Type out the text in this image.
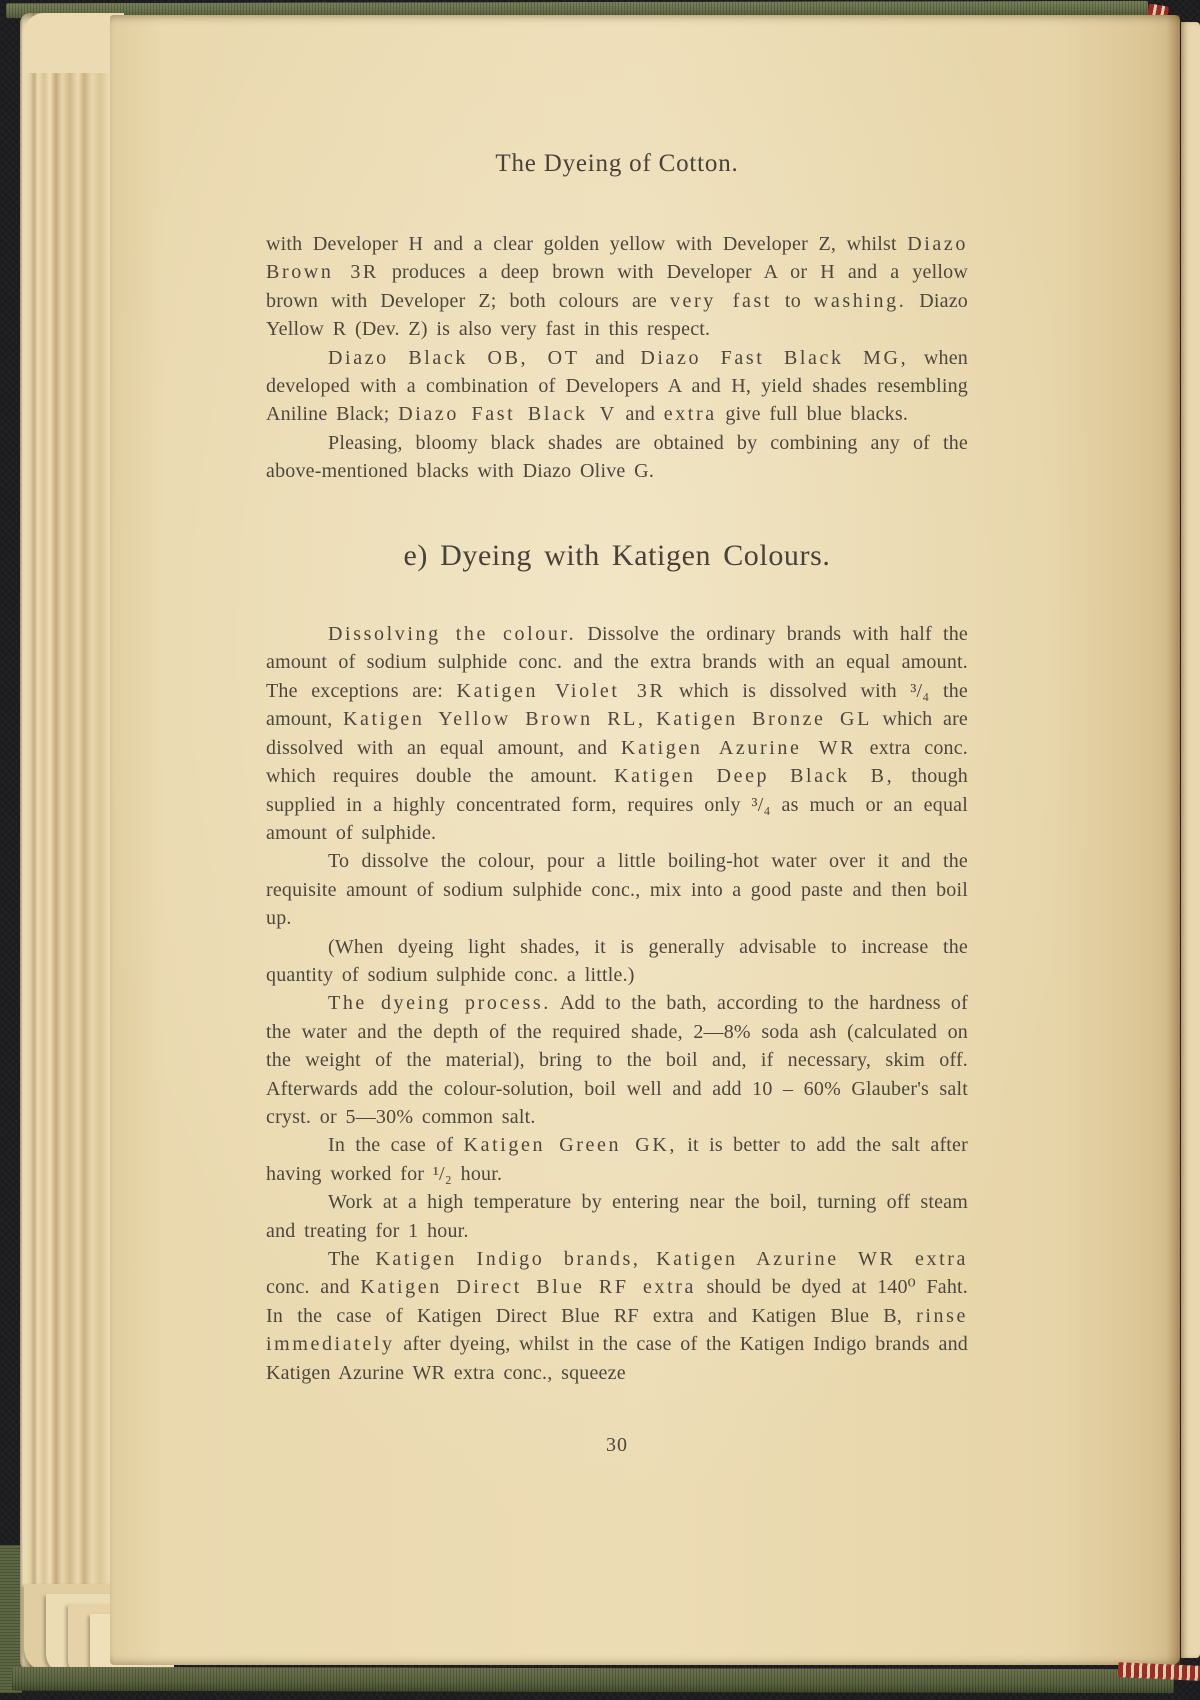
The Dyeing of Cotton.

with Developer H and a clear golden yellow with Developer Z, whilst Diazo Brown 3R produces a deep brown with Developer A or H and a yellow brown with Developer Z; both colours are very fast to washing. Diazo Yellow R (Dev. Z) is also very fast in this respect.

Diazo Black OB, OT and Diazo Fast Black MG, when developed with a combination of Developers A and H, yield shades resembling Aniline Black; Diazo Fast Black V and extra give full blue blacks.

Pleasing, bloomy black shades are obtained by combining any of the above-mentioned blacks with Diazo Olive G.

e) Dyeing with Katigen Colours.

Dissolving the colour. Dissolve the ordinary brands with half the amount of sodium sulphide conc. and the extra brands with an equal amount. The exceptions are: Katigen Violet 3R which is dissolved with ³/₄ the amount, Katigen Yellow Brown RL, Katigen Bronze GL which are dissolved with an equal amount, and Katigen Azurine WR extra conc. which requires double the amount. Katigen Deep Black B, though supplied in a highly concentrated form, requires only ³/₄ as much or an equal amount of sulphide.

To dissolve the colour, pour a little boiling-hot water over it and the requisite amount of sodium sulphide conc., mix into a good paste and then boil up.

(When dyeing light shades, it is generally advisable to increase the quantity of sodium sulphide conc. a little.)

The dyeing process. Add to the bath, according to the hardness of the water and the depth of the required shade, 2—8% soda ash (calculated on the weight of the material), bring to the boil and, if necessary, skim off. Afterwards add the colour-solution, boil well and add 10 – 60% Glauber's salt cryst. or 5—30% common salt.

In the case of Katigen Green GK, it is better to add the salt after having worked for ¹/₂ hour.

Work at a high temperature by entering near the boil, turning off steam and treating for 1 hour.

The Katigen Indigo brands, Katigen Azurine WR extra conc. and Katigen Direct Blue RF extra should be dyed at 140⁰ Faht. In the case of Katigen Direct Blue RF extra and Katigen Blue B, rinse immediately after dyeing, whilst in the case of the Katigen Indigo brands and Katigen Azurine WR extra conc., squeeze

30
